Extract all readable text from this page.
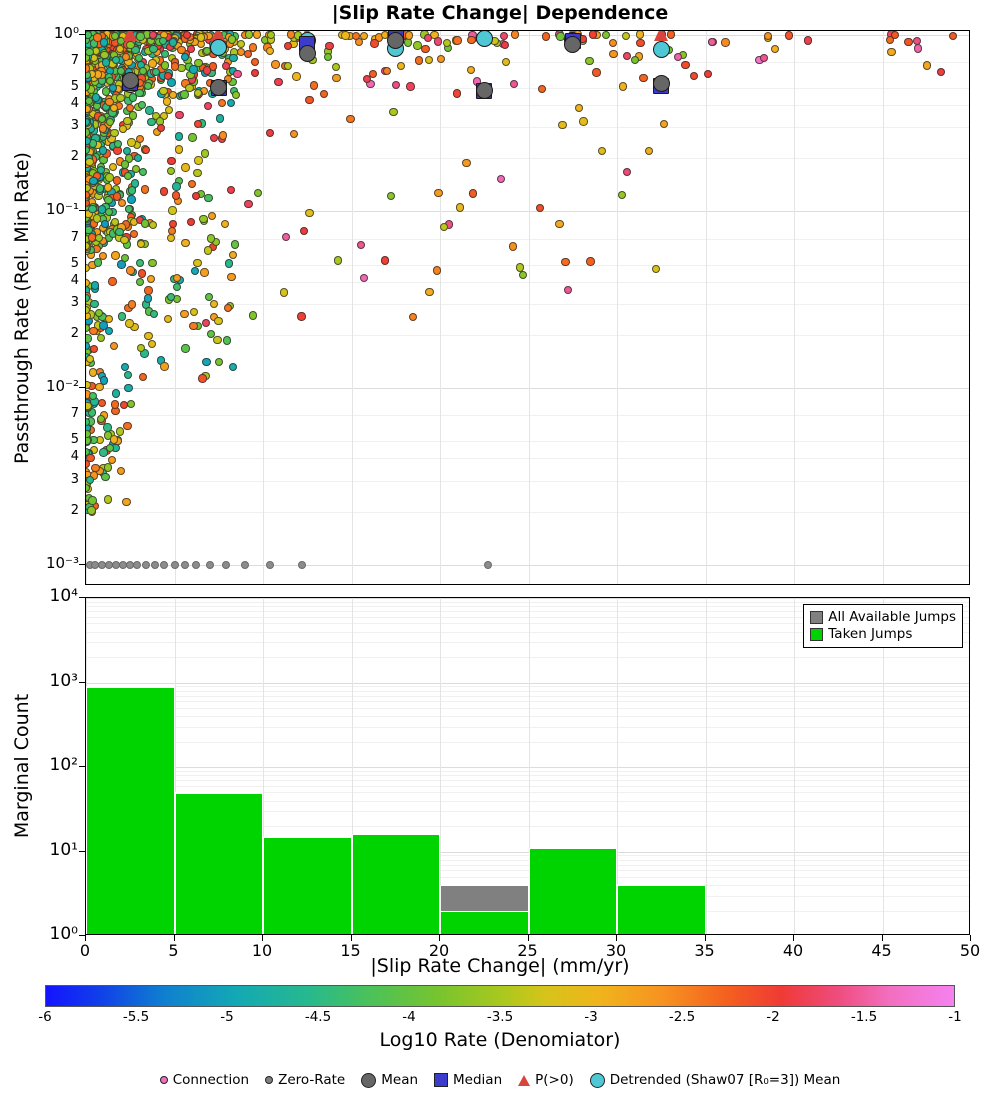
|Slip Rate Change| Dependence
10⁰
10⁻¹
10⁻²
10⁻³
7
5
4
3
2
7
5
4
3
2
7
5
4
3
2
Passthrough Rate (Rel. Min Rate)
All Available Jumps
Taken Jumps
10⁴
10³
10²
10¹
10⁰
Marginal Count
0	5	10	15	20	25	30	35	40	45	50
|Slip Rate Change| (mm/yr)
-6	-5.5	-5	-4.5	-4	-3.5	-3	-2.5	-2	-1.5	-1
Log10 Rate (Denomiator)
Connection Zero-Rate	Mean	Median P(>0)	Detrended (Shaw07 [R₀=3]) Mean
